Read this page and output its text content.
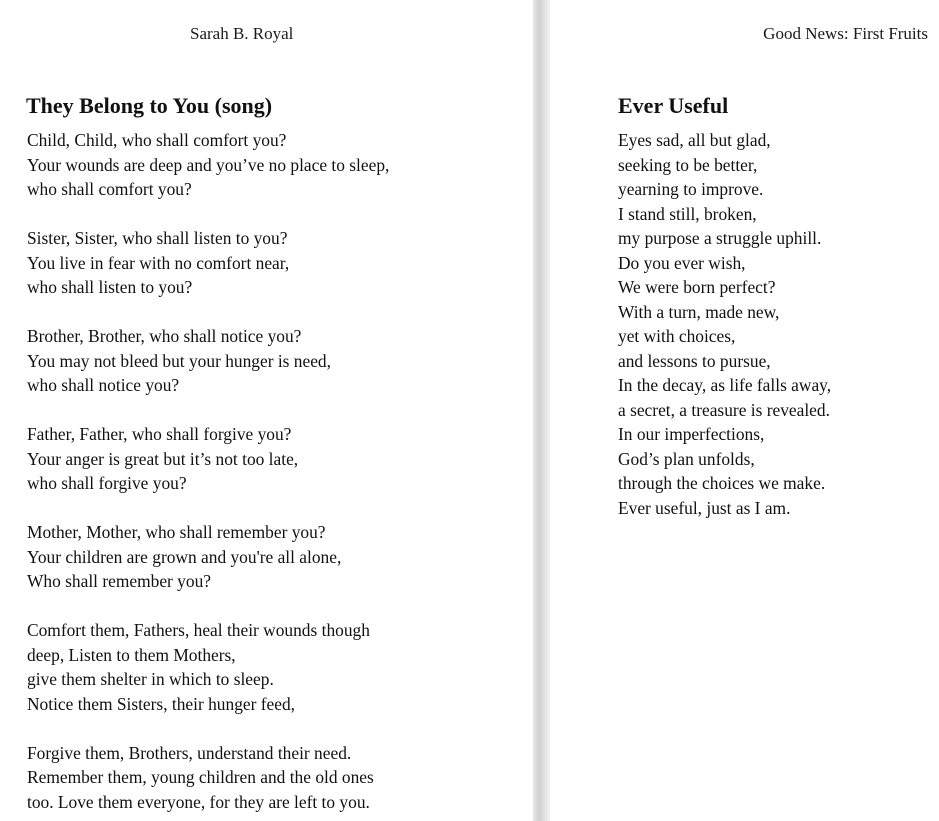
Sarah B. Royal
They Belong to You (song)
Child, Child, who shall comfort you?
Your wounds are deep and you’ve no place to sleep,
who shall comfort you?
Sister, Sister, who shall listen to you?
You live in fear with no comfort near,
who shall listen to you?
Brother, Brother, who shall notice you?
You may not bleed but your hunger is need,
who shall notice you?
Father, Father, who shall forgive you?
Your anger is great but it’s not too late,
who shall forgive you?
Mother, Mother, who shall remember you?
Your children are grown and you're all alone,
Who shall remember you?
Comfort them, Fathers, heal their wounds though
deep, Listen to them Mothers,
give them shelter in which to sleep.
Notice them Sisters, their hunger feed,
Forgive them, Brothers, understand their need.
Remember them, young children and the old ones
too. Love them everyone, for they are left to you.
Good News: First Fruits
Ever Useful
Eyes sad, all but glad,
seeking to be better,
yearning to improve.
I stand still, broken,
my purpose a struggle uphill.
Do you ever wish,
We were born perfect?
With a turn, made new,
yet with choices,
and lessons to pursue,
In the decay, as life falls away,
a secret, a treasure is revealed.
In our imperfections,
God’s plan unfolds,
through the choices we make.
Ever useful, just as I am.
